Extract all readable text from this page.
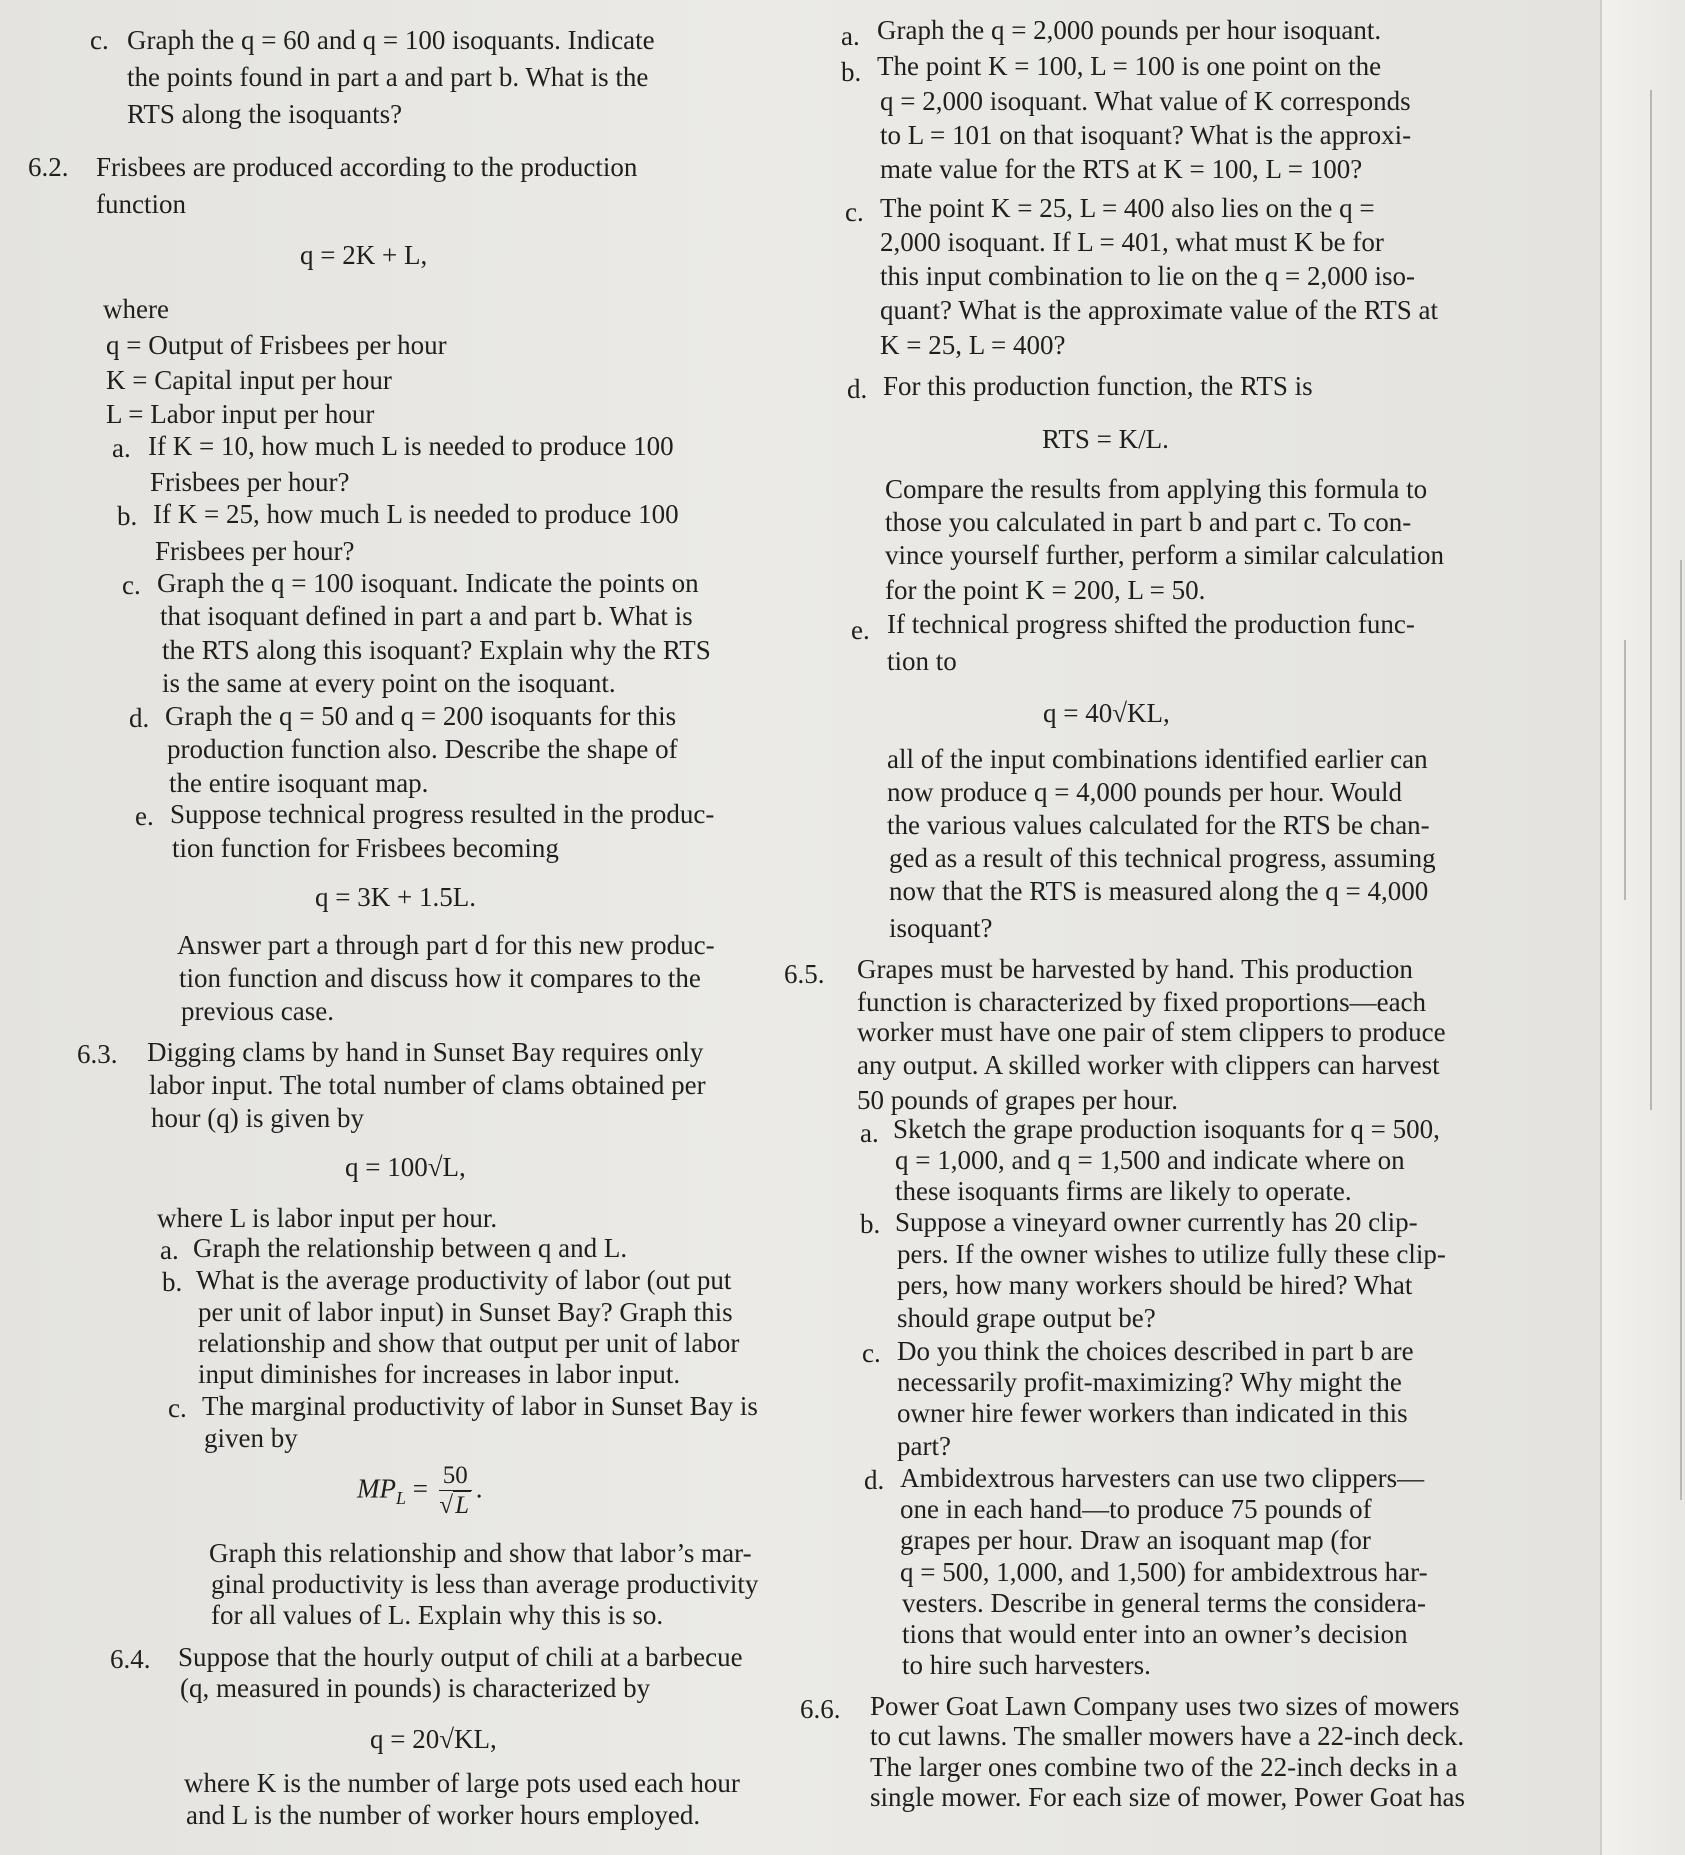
c. Graph the q = 60 and q = 100 isoquants. Indicate
the points found in part a and part b. What is the
RTS along the isoquants?
6.2. Frisbees are produced according to the production
function
q = 2K + L,
where
q = Output of Frisbees per hour
K = Capital input per hour
L = Labor input per hour
a. If K = 10, how much L is needed to produce 100
Frisbees per hour?
b. If K = 25, how much L is needed to produce 100
Frisbees per hour?
c. Graph the q = 100 isoquant. Indicate the points on
that isoquant defined in part a and part b. What is
the RTS along this isoquant? Explain why the RTS
is the same at every point on the isoquant.
d. Graph the q = 50 and q = 200 isoquants for this
production function also. Describe the shape of
the entire isoquant map.
e. Suppose technical progress resulted in the produc-
tion function for Frisbees becoming
q = 3K + 1.5L.
Answer part a through part d for this new produc-
tion function and discuss how it compares to the
previous case.
6.3. Digging clams by hand in Sunset Bay requires only
labor input. The total number of clams obtained per
hour (q) is given by
q = 100√L,
where L is labor input per hour.
a. Graph the relationship between q and L.
b. What is the average productivity of labor (out put
per unit of labor input) in Sunset Bay? Graph this
relationship and show that output per unit of labor
input diminishes for increases in labor input.
c. The marginal productivity of labor in Sunset Bay is
given by
$MP_L = \frac{50}{√L}$ .
Graph this relationship and show that labor’s mar-
ginal productivity is less than average productivity
for all values of L. Explain why this is so.
6.4. Suppose that the hourly output of chili at a barbecue
(q, measured in pounds) is characterized by
q = 20√KL,
where K is the number of large pots used each hour
and L is the number of worker hours employed.
a. Graph the q = 2,000 pounds per hour isoquant.
b. The point K = 100, L = 100 is one point on the
q = 2,000 isoquant. What value of K corresponds
to L = 101 on that isoquant? What is the approxi-
mate value for the RTS at K = 100, L = 100?
c. The point K = 25, L = 400 also lies on the q =
2,000 isoquant. If L = 401, what must K be for
this input combination to lie on the q = 2,000 iso-
quant? What is the approximate value of the RTS at
K = 25, L = 400?
d. For this production function, the RTS is
RTS = K/L.
Compare the results from applying this formula to
those you calculated in part b and part c. To con-
vince yourself further, perform a similar calculation
for the point K = 200, L = 50.
e. If technical progress shifted the production func-
tion to
q = 40√KL,
all of the input combinations identified earlier can
now produce q = 4,000 pounds per hour. Would
the various values calculated for the RTS be chan-
ged as a result of this technical progress, assuming
now that the RTS is measured along the q = 4,000
isoquant?
6.5. Grapes must be harvested by hand. This production
function is characterized by fixed proportions—each
worker must have one pair of stem clippers to produce
any output. A skilled worker with clippers can harvest
50 pounds of grapes per hour.
a. Sketch the grape production isoquants for q = 500,
q = 1,000, and q = 1,500 and indicate where on
these isoquants firms are likely to operate.
b. Suppose a vineyard owner currently has 20 clip-
pers. If the owner wishes to utilize fully these clip-
pers, how many workers should be hired? What
should grape output be?
c. Do you think the choices described in part b are
necessarily profit-maximizing? Why might the
owner hire fewer workers than indicated in this
part?
d. Ambidextrous harvesters can use two clippers—
one in each hand—to produce 75 pounds of
grapes per hour. Draw an isoquant map (for
q = 500, 1,000, and 1,500) for ambidextrous har-
vesters. Describe in general terms the considera-
tions that would enter into an owner’s decision
to hire such harvesters.
6.6. Power Goat Lawn Company uses two sizes of mowers
to cut lawns. The smaller mowers have a 22-inch deck.
The larger ones combine two of the 22-inch decks in a
single mower. For each size of mower, Power Goat has
